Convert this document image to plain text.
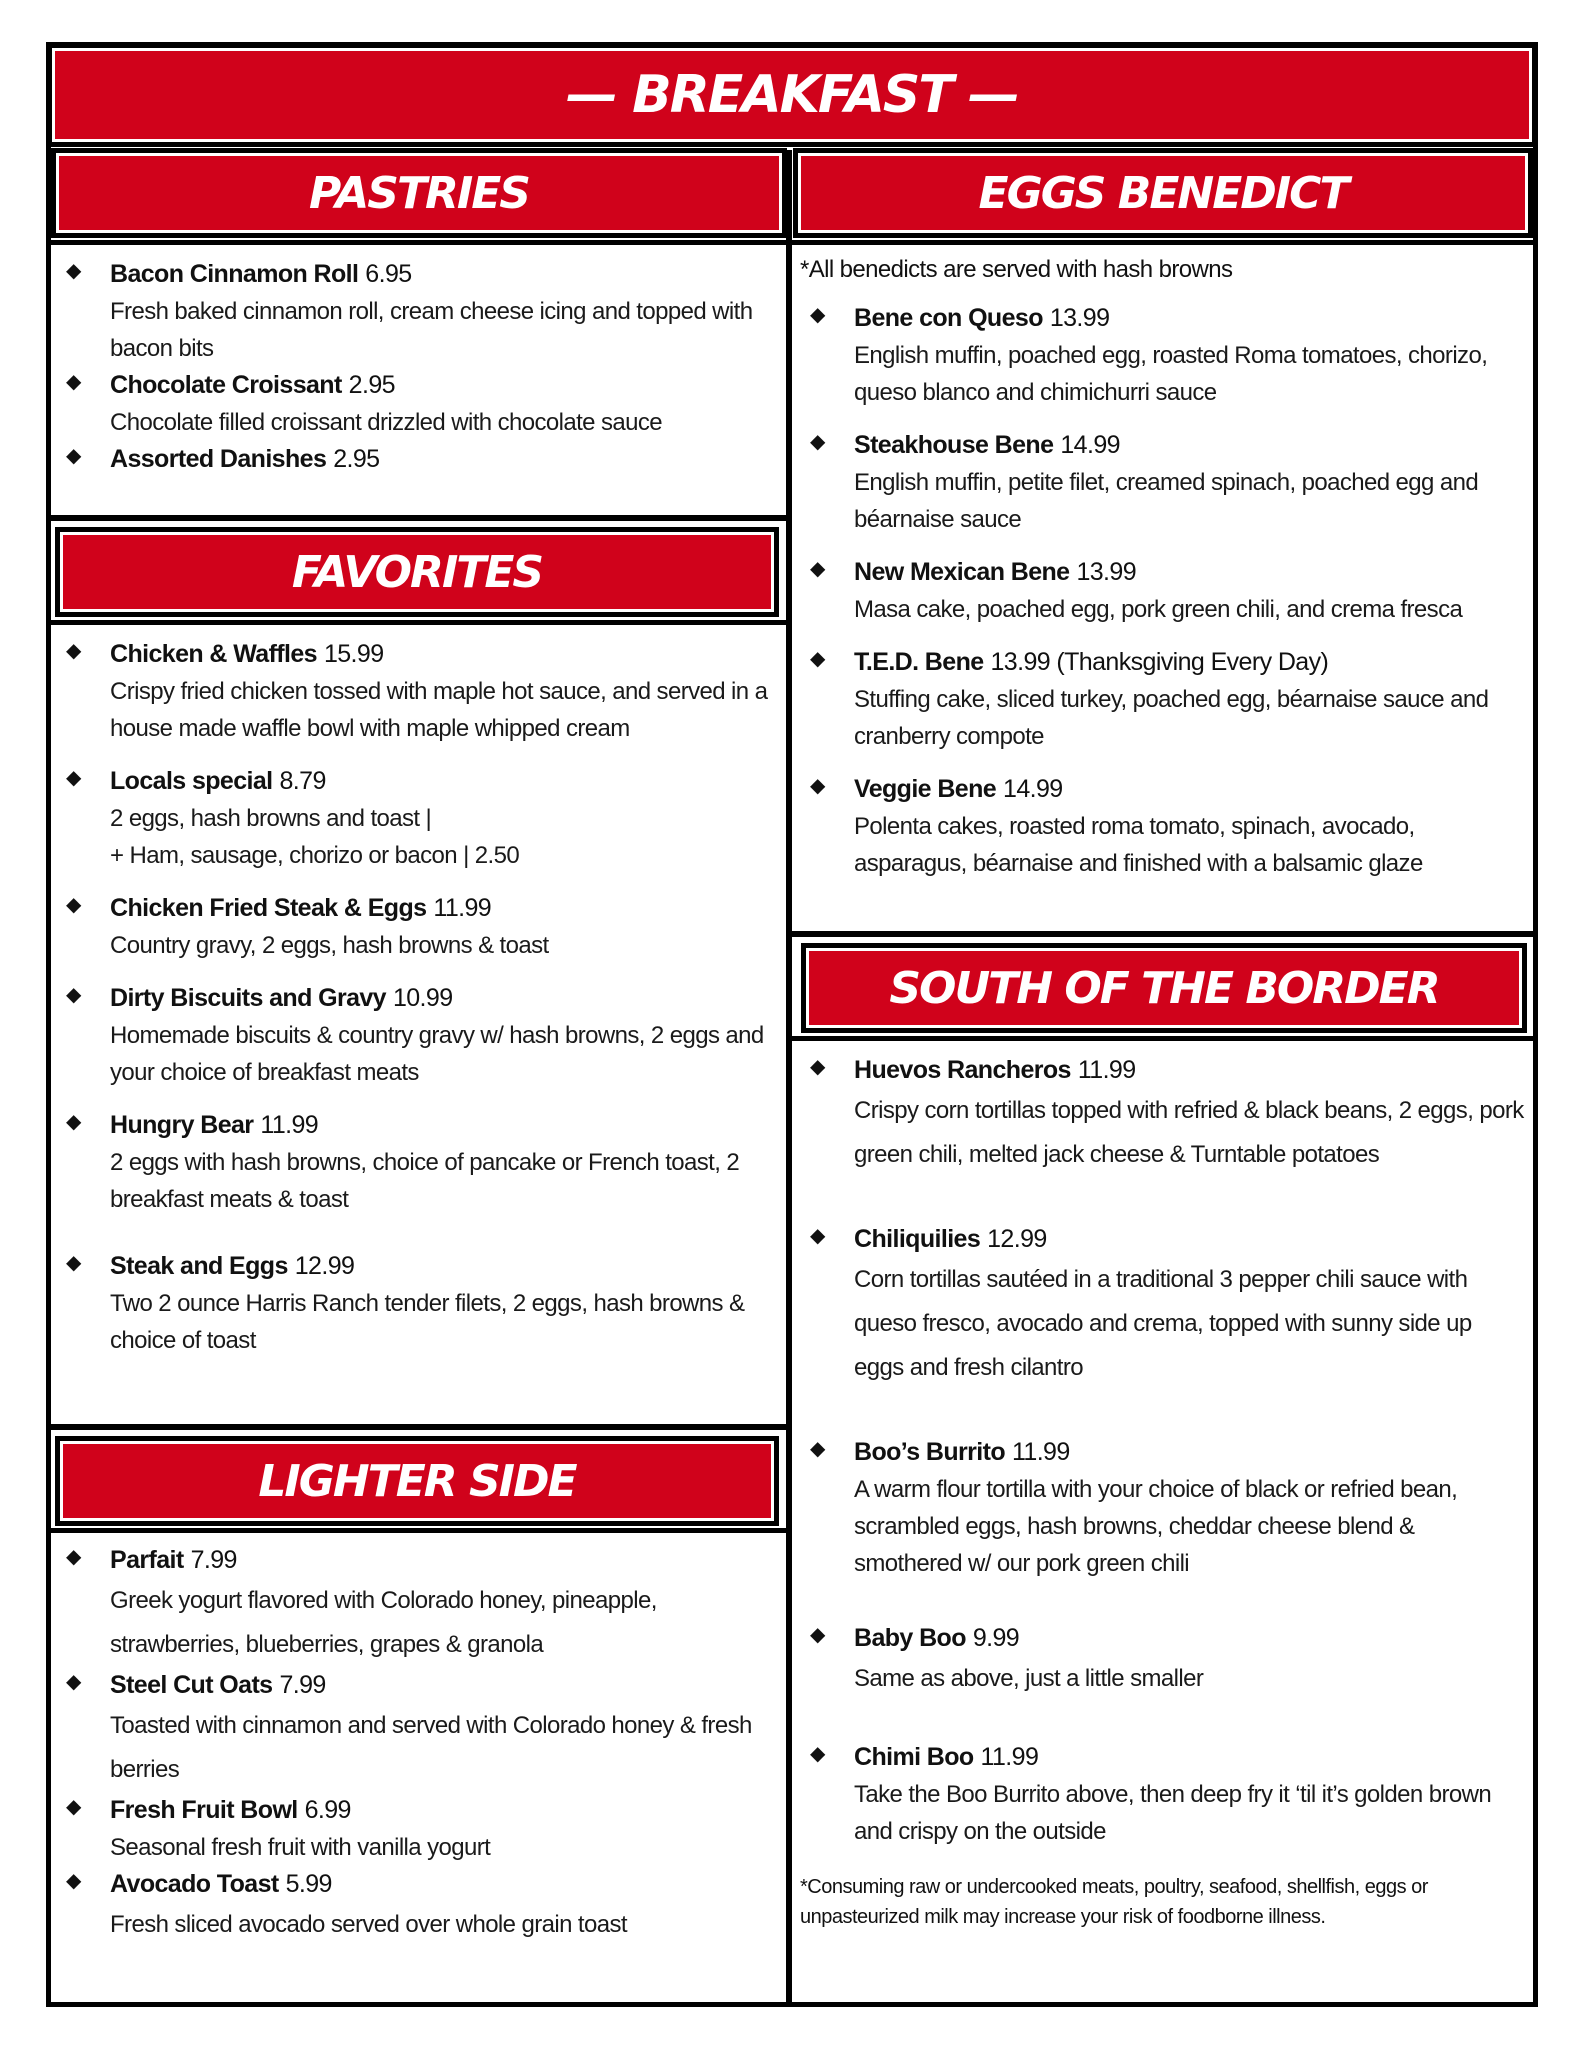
— BREAKFAST —
PASTRIES	EGGS BENEDICT
◆ Bacon Cinnamon Roll 6.95
Fresh baked cinnamon roll, cream cheese icing and topped with bacon bits
◆ Chocolate Croissant 2.95
Chocolate filled croissant drizzled with chocolate sauce
◆ Assorted Danishes 2.95
FAVORITES
◆ Chicken & Waffles 15.99
Crispy fried chicken tossed with maple hot sauce, and served in a house made waffle bowl with maple whipped cream
◆ Locals special 8.79
2 eggs, hash browns and toast |
+ Ham, sausage, chorizo or bacon | 2.50
◆ Chicken Fried Steak & Eggs 11.99
Country gravy, 2 eggs, hash browns & toast
◆ Dirty Biscuits and Gravy 10.99
Homemade biscuits & country gravy w/ hash browns, 2 eggs and your choice of breakfast meats
◆ Hungry Bear 11.99
2 eggs with hash browns, choice of pancake or French toast, 2 breakfast meats & toast
◆ Steak and Eggs 12.99
Two 2 ounce Harris Ranch tender filets, 2 eggs, hash browns & choice of toast
LIGHTER SIDE
◆ Parfait 7.99
Greek yogurt flavored with Colorado honey, pineapple, strawberries, blueberries, grapes & granola
◆ Steel Cut Oats 7.99
Toasted with cinnamon and served with Colorado honey & fresh berries
◆ Fresh Fruit Bowl 6.99
Seasonal fresh fruit with vanilla yogurt
◆ Avocado Toast 5.99
Fresh sliced avocado served over whole grain toast
*All benedicts are served with hash browns
◆ Bene con Queso 13.99
English muffin, poached egg, roasted Roma tomatoes, chorizo, queso blanco and chimichurri sauce
◆ Steakhouse Bene 14.99
English muffin, petite filet, creamed spinach, poached egg and béarnaise sauce
◆ New Mexican Bene 13.99
Masa cake, poached egg, pork green chili, and crema fresca
◆ T.E.D. Bene 13.99 (Thanksgiving Every Day)
Stuffing cake, sliced turkey, poached egg, béarnaise sauce and cranberry compote
◆ Veggie Bene 14.99
Polenta cakes, roasted roma tomato, spinach, avocado, asparagus, béarnaise and finished with a balsamic glaze
SOUTH OF THE BORDER
◆ Huevos Rancheros 11.99
Crispy corn tortillas topped with refried & black beans, 2 eggs, pork green chili, melted jack cheese & Turntable potatoes
◆ Chiliquilies 12.99
Corn tortillas sautéed in a traditional 3 pepper chili sauce with queso fresco, avocado and crema, topped with sunny side up eggs and fresh cilantro
◆ Boo’s Burrito 11.99
A warm flour tortilla with your choice of black or refried bean, scrambled eggs, hash browns, cheddar cheese blend & smothered w/ our pork green chili
◆ Baby Boo 9.99
Same as above, just a little smaller
◆ Chimi Boo 11.99
Take the Boo Burrito above, then deep fry it ‘til it’s golden brown and crispy on the outside
*Consuming raw or undercooked meats, poultry, seafood, shellfish, eggs or unpasteurized milk may increase your risk of foodborne illness.
